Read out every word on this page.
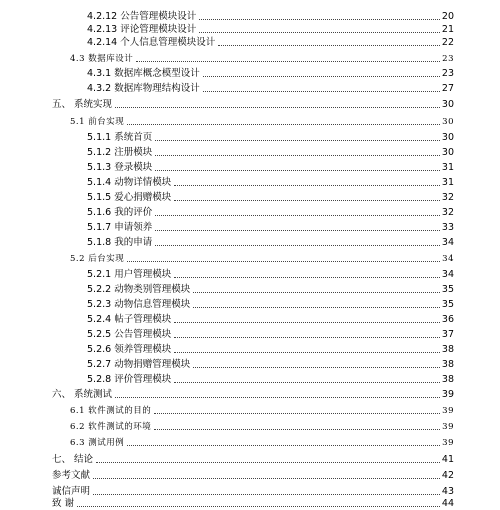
4.2.12 公告管理模块设计	20
4.2.13 评论管理模块设计	21
4.2.14 个人信息管理模块设计	22
4.3 数据库设计	23
4.3.1 数据库概念模型设计	23
4.3.2 数据库物理结构设计	27
五、 系统实现	30
5.1 前台实现	30
5.1.1 系统首页	30
5.1.2 注册模块	30
5.1.3 登录模块	31
5.1.4 动物详情模块	31
5.1.5 爱心捐赠模块	32
5.1.6 我的评价	32
5.1.7 申请领养	33
5.1.8 我的申请	34
5.2 后台实现	34
5.2.1 用户管理模块	34
5.2.2 动物类别管理模块	35
5.2.3 动物信息管理模块	35
5.2.4 帖子管理模块	36
5.2.5 公告管理模块	37
5.2.6 领养管理模块	38
5.2.7 动物捐赠管理模块	38
5.2.8 评价管理模块	38
六、 系统测试	39
6.1 软件测试的目的	39
6.2 软件测试的环境	39
6.3 测试用例	39
七、 结论	41
参考文献	42
诚信声明	43
致 谢	44
